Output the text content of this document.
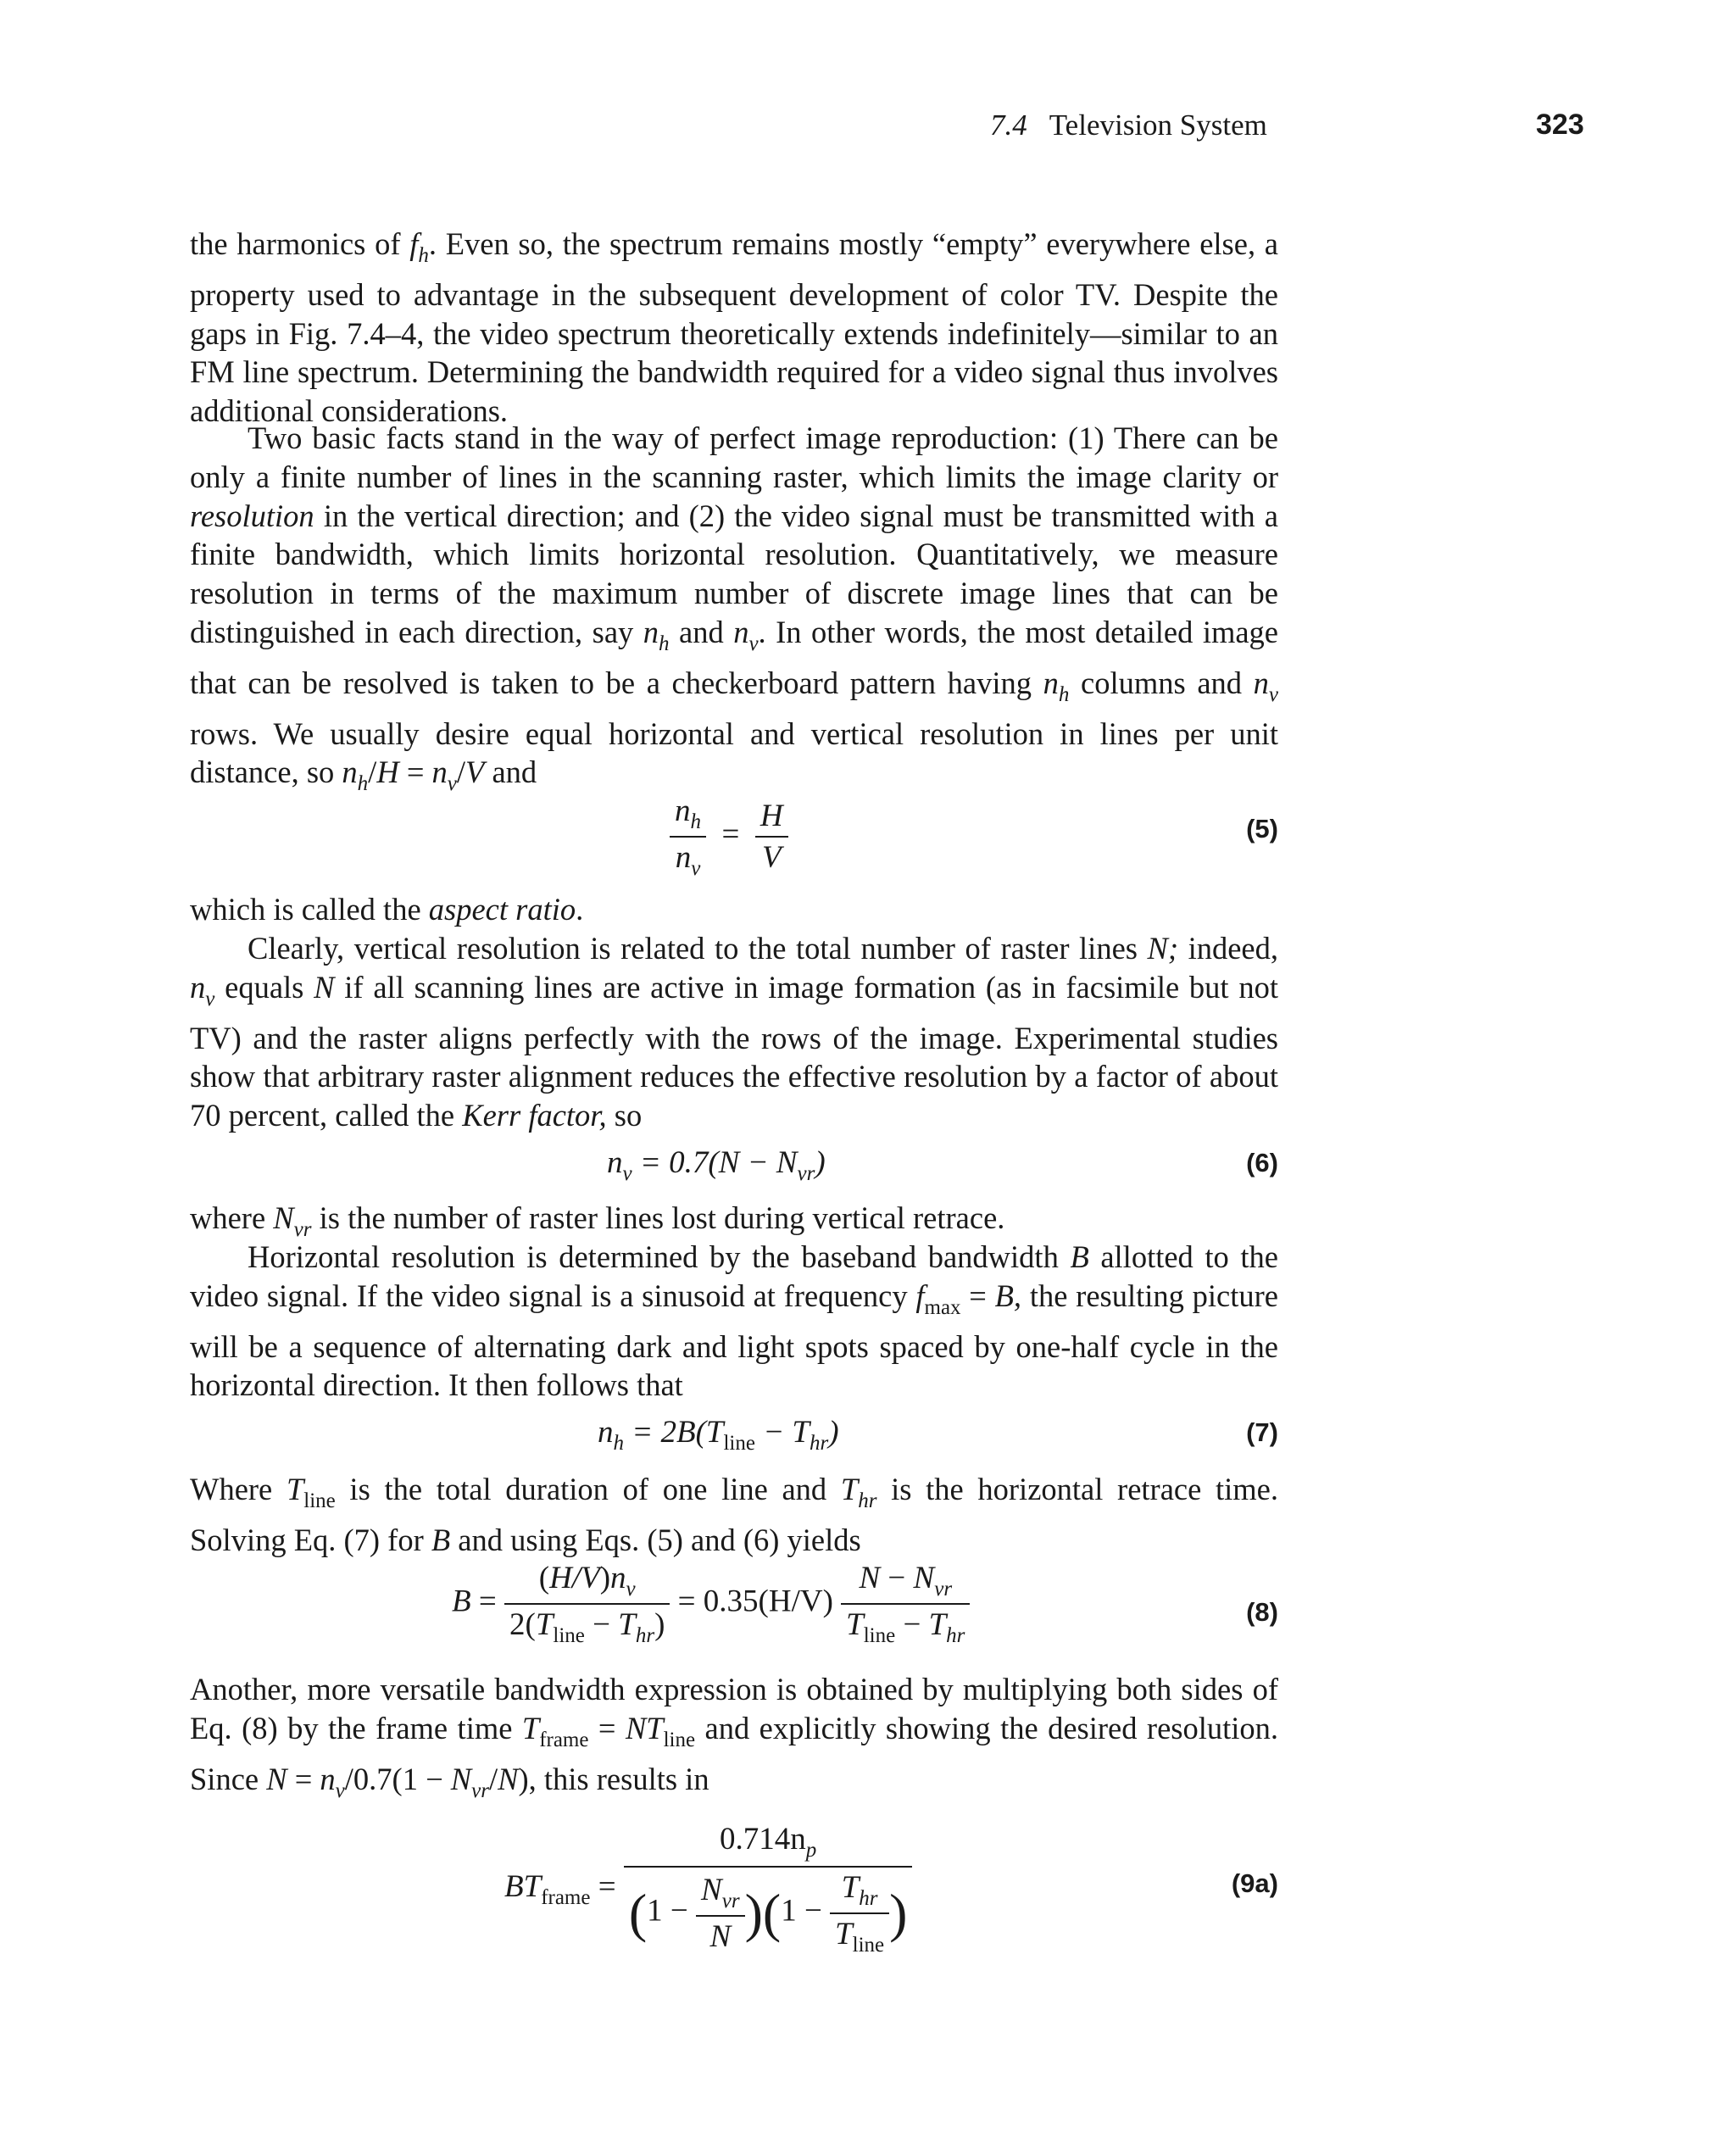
7.4 Television System	323

the harmonics of $f_h$. Even so, the spectrum remains mostly “empty” everywhere else, a property used to advantage in the subsequent development of color TV. Despite the gaps in Fig. 7.4–4, the video spectrum theoretically extends indefinitely—similar to an FM line spectrum. Determining the bandwidth required for a video signal thus involves additional considerations.

Two basic facts stand in the way of perfect image reproduction: (1) There can be only a finite number of lines in the scanning raster, which limits the image clarity or resolution in the vertical direction; and (2) the video signal must be transmitted with a finite bandwidth, which limits horizontal resolution. Quantitatively, we measure resolution in terms of the maximum number of discrete image lines that can be distinguished in each direction, say $n_h$ and $n_v$. In other words, the most detailed image that can be resolved is taken to be a checkerboard pattern having $n_h$ columns and $n_v$ rows. We usually desire equal horizontal and vertical resolution in lines per unit distance, so $n_h/H = n_v/V$ and

$\frac{n_h}{n_v} = \frac{H}{V}$	(5)

which is called the aspect ratio.

Clearly, vertical resolution is related to the total number of raster lines N; indeed, $n_v$ equals N if all scanning lines are active in image formation (as in facsimile but not TV) and the raster aligns perfectly with the rows of the image. Experimental studies show that arbitrary raster alignment reduces the effective resolution by a factor of about 70 percent, called the Kerr factor, so

$n_v = 0.7(N - N_{vr})$	(6)

where $N_{vr}$ is the number of raster lines lost during vertical retrace.

Horizontal resolution is determined by the baseband bandwidth B allotted to the video signal. If the video signal is a sinusoid at frequency $f_{max} = B$, the resulting picture will be a sequence of alternating dark and light spots spaced by one-half cycle in the horizontal direction. It then follows that

$n_h = 2B(T_{line} - T_{hr})$	(7)

Where $T_{line}$ is the total duration of one line and $T_{hr}$ is the horizontal retrace time. Solving Eq. (7) for B and using Eqs. (5) and (6) yields

$B = \frac{(H/V)n_v}{2(T_{line} - T_{hr})} = 0.35(H/V) \frac{N - N_{vr}}{T_{line} - T_{hr}}$	(8)

Another, more versatile bandwidth expression is obtained by multiplying both sides of Eq. (8) by the frame time $T_{frame} = NT_{line}$ and explicitly showing the desired resolution. Since $N = n_v/0.7(1 - N_{vr}/N)$, this results in

$BT_{frame} = \frac{0.714n_p}{(1 - \frac{N_{vr}}{N} )(1 - \frac{T_{hr}}{T_{line}} )}$	(9a)
